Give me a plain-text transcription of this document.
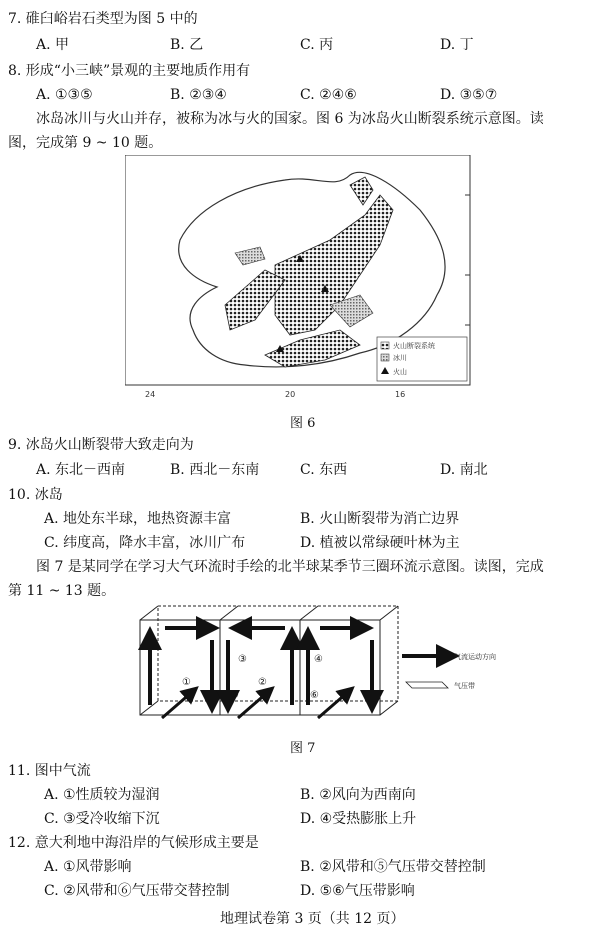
7. 碓臼峪岩石类型为图 5 中的
A. 甲	B. 乙	C. 丙	D. 丁
8. 形成“小三峡”景观的主要地质作用有
A. ①③⑤	B. ②③④	C. ②④⑥	D. ③⑤⑦
冰岛冰川与火山并存，被称为冰与火的国家。图 6 为冰岛火山断裂系统示意图。读
图，完成第 9 ~ 10 题。
24	20	16
火山断裂系统
冰川
火山
图 6
9. 冰岛火山断裂带大致走向为
A. 东北－西南	B. 西北－东南	C. 东西	D. 南北
10. 冰岛
A. 地处东半球，地热资源丰富	B. 火山断裂带为消亡边界
C. 纬度高，降水丰富，冰川广布	D. 植被以常绿硬叶林为主
图 7 是某同学在学习大气环流时手绘的北半球某季节三圈环流示意图。读图，完成
第 11 ~ 13 题。
①	②
③	④
⑤	⑥
气流运动方向
气压带
图 7
11. 图中气流
A. ①性质较为湿润	B. ②风向为西南向
C. ③受冷收缩下沉	D. ④受热膨胀上升
12. 意大利地中海沿岸的气候形成主要是
A. ①风带影响	B. ②风带和⑤气压带交替控制
C. ②风带和⑥气压带交替控制	D. ⑤⑥气压带影响
地理试卷第 3 页（共 12 页）
